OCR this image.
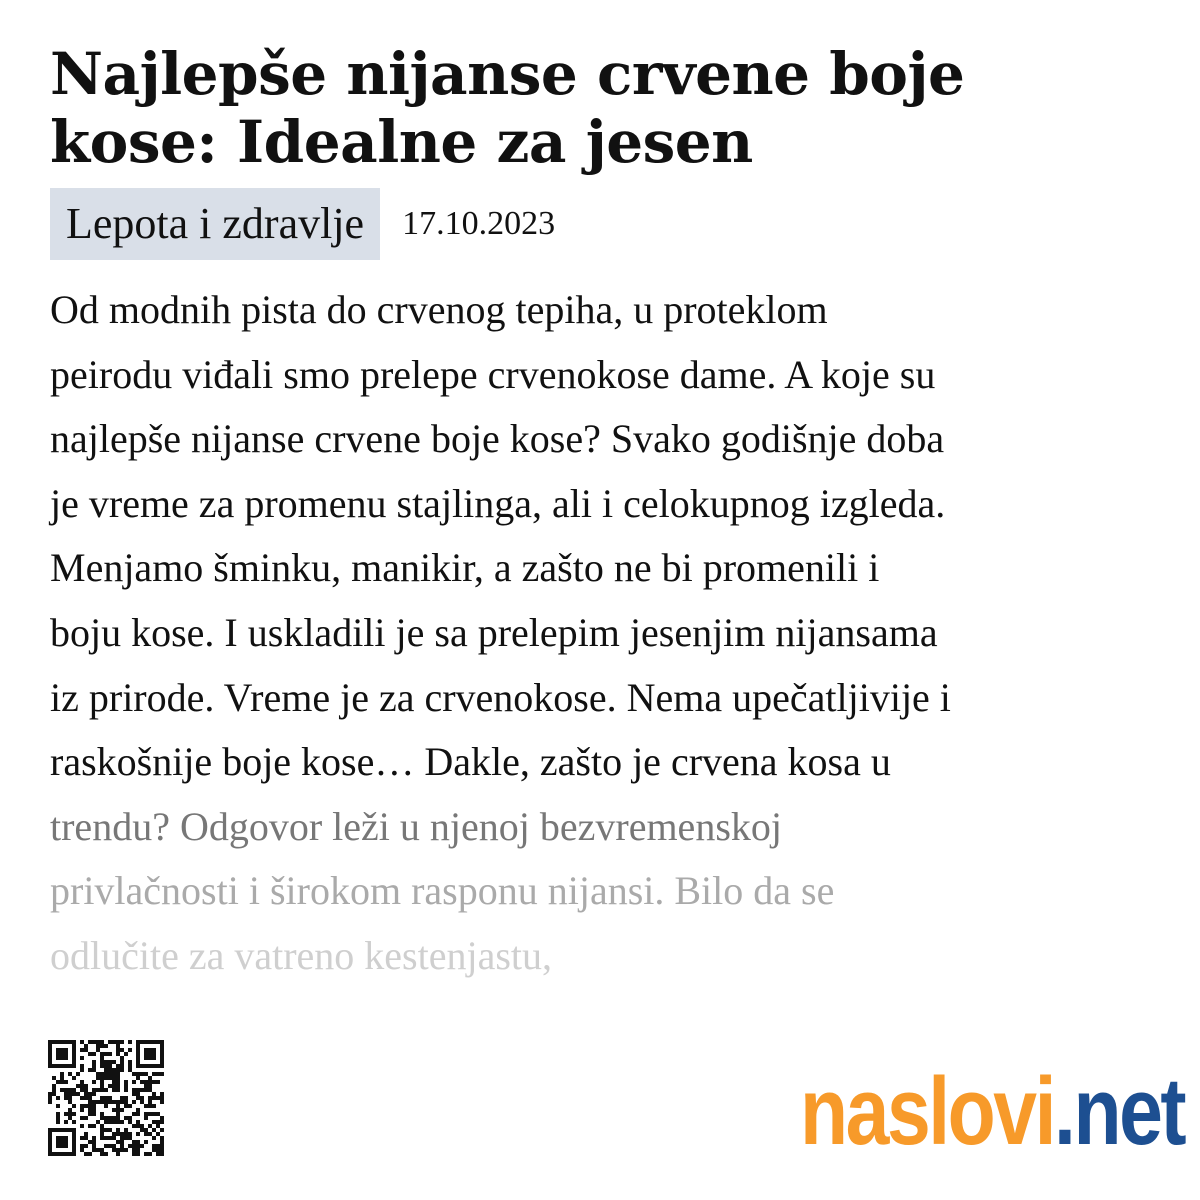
Najlepše nijanse crvene boje
kose: Idealne za jesen
Lepota i zdravlje	17.10.2023
Od modnih pista do crvenog tepiha, u proteklom
peirodu viđali smo prelepe crvenokose dame. A koje su
najlepše nijanse crvene boje kose? Svako godišnje doba
je vreme za promenu stajlinga, ali i celokupnog izgleda.
Menjamo šminku, manikir, a zašto ne bi promenili i
boju kose. I uskladili je sa prelepim jesenjim nijansama
iz prirode. Vreme je za crvenokose. Nema upečatljivije i
raskošnije boje kose… Dakle, zašto je crvena kosa u
trendu? Odgovor leži u njenoj bezvremenskoj
privlačnosti i širokom rasponu nijansi. Bilo da se
odlučite za vatreno kestenjastu,
naslovi.net
